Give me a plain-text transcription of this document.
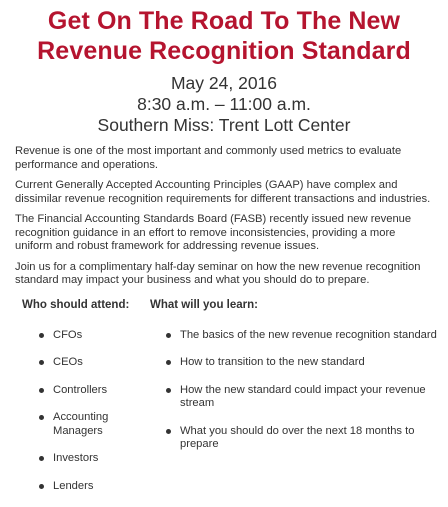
Get On The Road To The New
Revenue Recognition Standard
May 24, 2016
8:30 a.m. – 11:00 a.m.
Southern Miss: Trent Lott Center

Revenue is one of the most important and commonly used metrics to evaluate performance and operations.

Current Generally Accepted Accounting Principles (GAAP) have complex and dissimilar revenue recognition requirements for different transactions and industries.

The Financial Accounting Standards Board (FASB) recently issued new revenue recognition guidance in an effort to remove inconsistencies, providing a more uniform and robust framework for addressing revenue issues.

Join us for a complimentary half-day seminar on how the new revenue recognition standard may impact your business and what you should do to prepare.

Who should attend: What will you learn:
CFOs
CEOs
Controllers
Accounting Managers
Investors
Lenders
The basics of the new revenue recognition standard
How to transition to the new standard
How the new standard could impact your revenue stream
What you should do over the next 18 months to prepare
